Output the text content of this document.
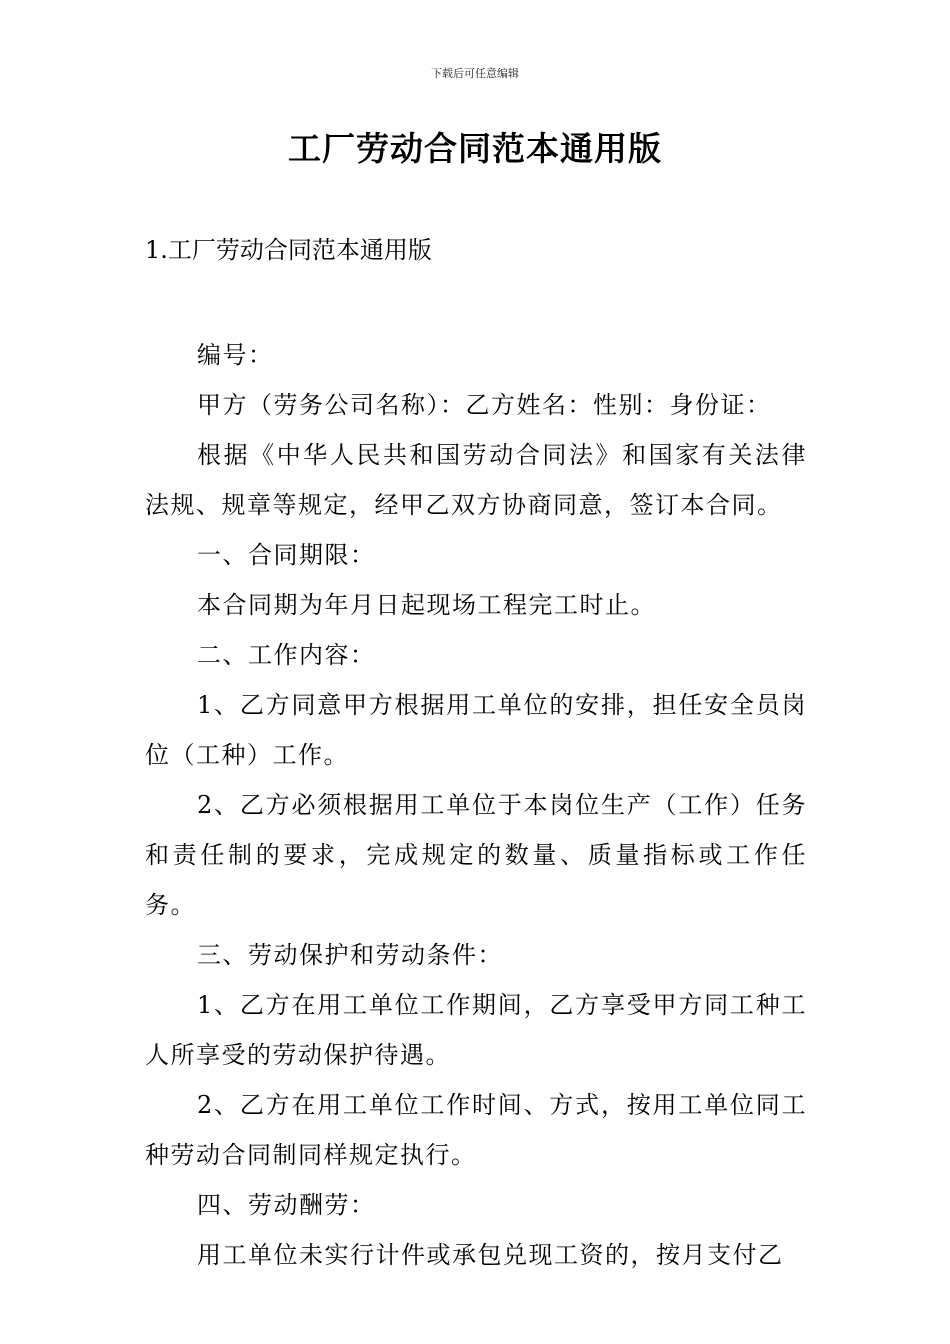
下载后可任意编辑
工厂劳动合同范本通用版
1.工厂劳动合同范本通用版

编号：

甲方（劳务公司名称）：乙方姓名：性别：身份证：

根据《中华人民共和国劳动合同法》和国家有关法律法规、规章等规定，经甲乙双方协商同意，签订本合同。

一、合同期限：

本合同期为年月日起现场工程完工时止。

二、工作内容：

1、乙方同意甲方根据用工单位的安排，担任安全员岗位（工种）工作。

2、乙方必须根据用工单位于本岗位生产（工作）任务和责任制的要求，完成规定的数量、质量指标或工作任务。

三、劳动保护和劳动条件：

1、乙方在用工单位工作期间，乙方享受甲方同工种工人所享受的劳动保护待遇。

2、乙方在用工单位工作时间、方式，按用工单位同工种劳动合同制同样规定执行。

四、劳动酬劳：

用工单位未实行计件或承包兑现工资的，按月支付乙
